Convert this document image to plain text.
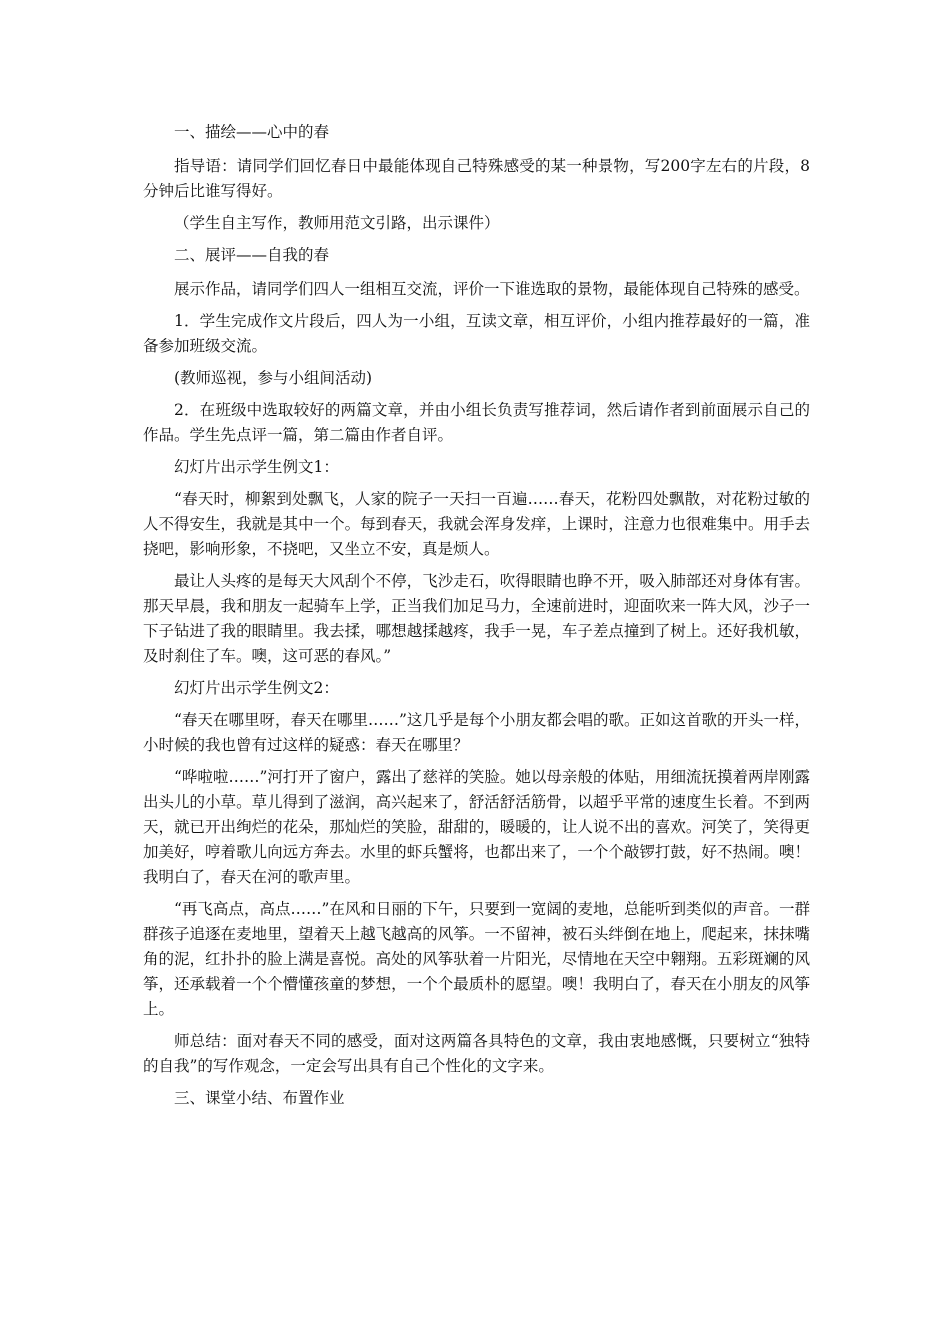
一、描绘——心中的春

指导语：请同学们回忆春日中最能体现自己特殊感受的某一种景物，写200字左右的片段，8分钟后比谁写得好。

（学生自主写作，教师用范文引路，出示课件）

二、展评——自我的春

展示作品，请同学们四人一组相互交流，评价一下谁选取的景物，最能体现自己特殊的感受。

1．学生完成作文片段后，四人为一小组，互读文章，相互评价，小组内推荐最好的一篇，准备参加班级交流。

(教师巡视，参与小组间活动)

2．在班级中选取较好的两篇文章，并由小组长负责写推荐词，然后请作者到前面展示自己的作品。学生先点评一篇，第二篇由作者自评。

幻灯片出示学生例文1：

“春天时，柳絮到处飘飞，人家的院子一天扫一百遍……春天，花粉四处飘散，对花粉过敏的人不得安生，我就是其中一个。每到春天，我就会浑身发痒，上课时，注意力也很难集中。用手去挠吧，影响形象，不挠吧，又坐立不安，真是烦人。

最让人头疼的是每天大风刮个不停，飞沙走石，吹得眼睛也睁不开，吸入肺部还对身体有害。那天早晨，我和朋友一起骑车上学，正当我们加足马力，全速前进时，迎面吹来一阵大风，沙子一下子钻进了我的眼睛里。我去揉，哪想越揉越疼，我手一晃，车子差点撞到了树上。还好我机敏，及时刹住了车。噢，这可恶的春风。”

幻灯片出示学生例文2：

“春天在哪里呀，春天在哪里……”这几乎是每个小朋友都会唱的歌。正如这首歌的开头一样，小时候的我也曾有过这样的疑惑：春天在哪里？

“哗啦啦……”河打开了窗户，露出了慈祥的笑脸。她以母亲般的体贴，用细流抚摸着两岸刚露出头儿的小草。草儿得到了滋润，高兴起来了，舒活舒活筋骨，以超乎平常的速度生长着。不到两天，就已开出绚烂的花朵，那灿烂的笑脸，甜甜的，暖暖的，让人说不出的喜欢。河笑了，笑得更加美好，哼着歌儿向远方奔去。水里的虾兵蟹将，也都出来了，一个个敲锣打鼓，好不热闹。噢！我明白了，春天在河的歌声里。

“再飞高点，高点……”在风和日丽的下午，只要到一宽阔的麦地，总能听到类似的声音。一群群孩子追逐在麦地里，望着天上越飞越高的风筝。一不留神，被石头绊倒在地上，爬起来，抹抹嘴角的泥，红扑扑的脸上满是喜悦。高处的风筝驮着一片阳光，尽情地在天空中翱翔。五彩斑斓的风筝，还承载着一个个懵懂孩童的梦想，一个个最质朴的愿望。噢！我明白了，春天在小朋友的风筝上。

师总结：面对春天不同的感受，面对这两篇各具特色的文章，我由衷地感慨，只要树立“独特的自我”的写作观念，一定会写出具有自己个性化的文字来。

三、课堂小结、布置作业
